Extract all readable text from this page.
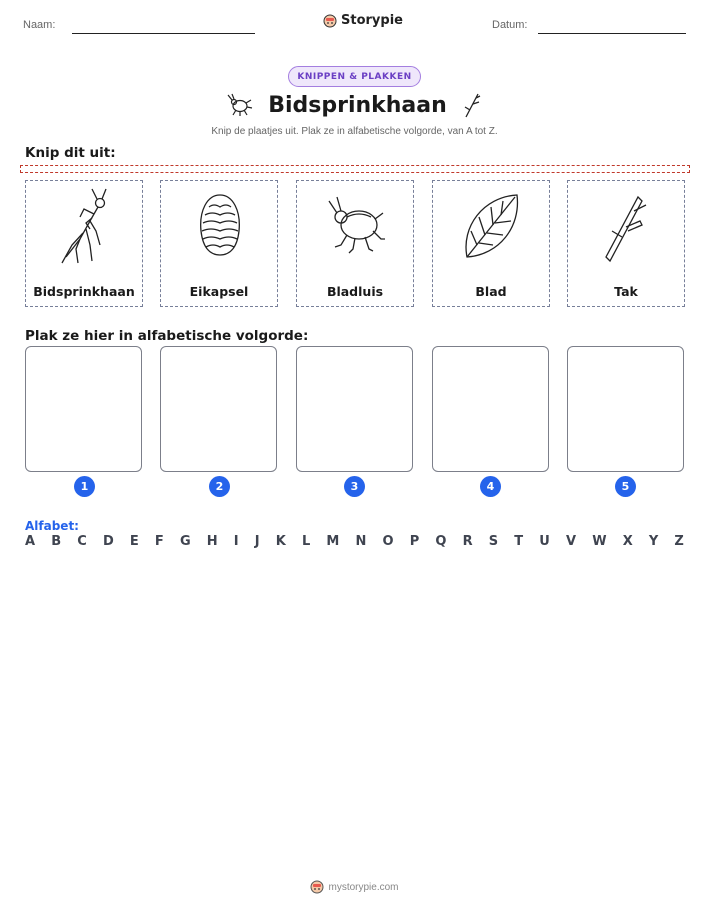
Naam:	Storypie	Datum:
KNIPPEN & PLAKKEN
Bidsprinkhaan
Knip de plaatjes uit. Plak ze in alfabetische volgorde, van A tot Z.
Knip dit uit:
Bidsprinkhaan	Eikapsel	Bladluis	Blad	Tak
Plak ze hier in alfabetische volgorde:
1	2	3	4	5
Alfabet:
A B C D E F G H I J K L M N O P Q R S T U V W X Y Z
mystorypie.com
